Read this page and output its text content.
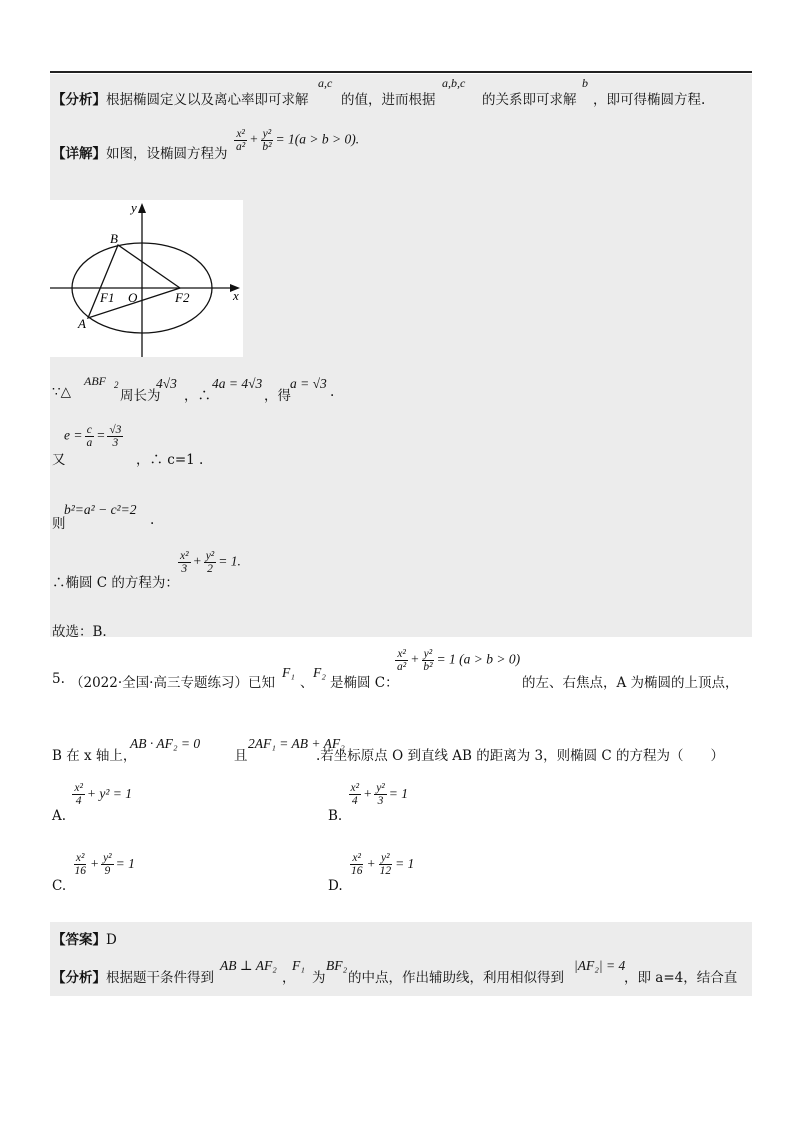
【分析】根据椭圆定义以及离心率即可求解
a,c
的值，进而根据
a,b,c
的关系即可求解
b
，即可得椭圆方程.
【详解】如图，设椭圆方程为
$\frac{\text{x²}}{\text{a²}} + \frac{\text{y²}}{\text{b²}} = 1(a > b > 0)$.
y
x
B
A
O
F1	F2
∵△
ABF 2
周长为
4√3
，∴
4a = 4√3
，得
a = √3
.
又
$e = \frac{c}{a} = \frac{√3}{3}$
，∴ c=1 .
则
b²=a² − c²=2
.
∴椭圆 C 的方程为：
$\frac{\text{x²}}{3} + \frac{\text{y²}}{2} = 1$.
故选：B.
5. （2022·全国·高三专题练习）已知
F₁
、
F₂
是椭圆 C：
$\frac{\text{x²}}{\text{a²}} + \frac{\text{y²}}{\text{b²}} = 1$ (a > b > 0)
的左、右焦点，A 为椭圆的上顶点，
B 在 x 轴上，
AB · AF₂ = 0
且
2AF₁ = AB + AF₂
.若坐标原点 O 到直线 AB 的距离为 3，则椭圆 C 的方程为（　　）
A.
$\frac{\text{x²}}{4} + y^2 = 1$
B.
$\frac{\text{x²}}{4} + \frac{\text{y²}}{3} = 1$
C.
$\frac{\text{x²}}{16} + \frac{\text{y²}}{9} = 1$
D.
$\frac{\text{x²}}{16} + \frac{\text{y²}}{12} = 1$
【答案】D
【分析】根据题干条件得到
AB ⊥ AF₂
，
F₁
为
BF₂
的中点，作出辅助线，利用相似得到
|AF₂| = 4
，即 a=4，结合直
